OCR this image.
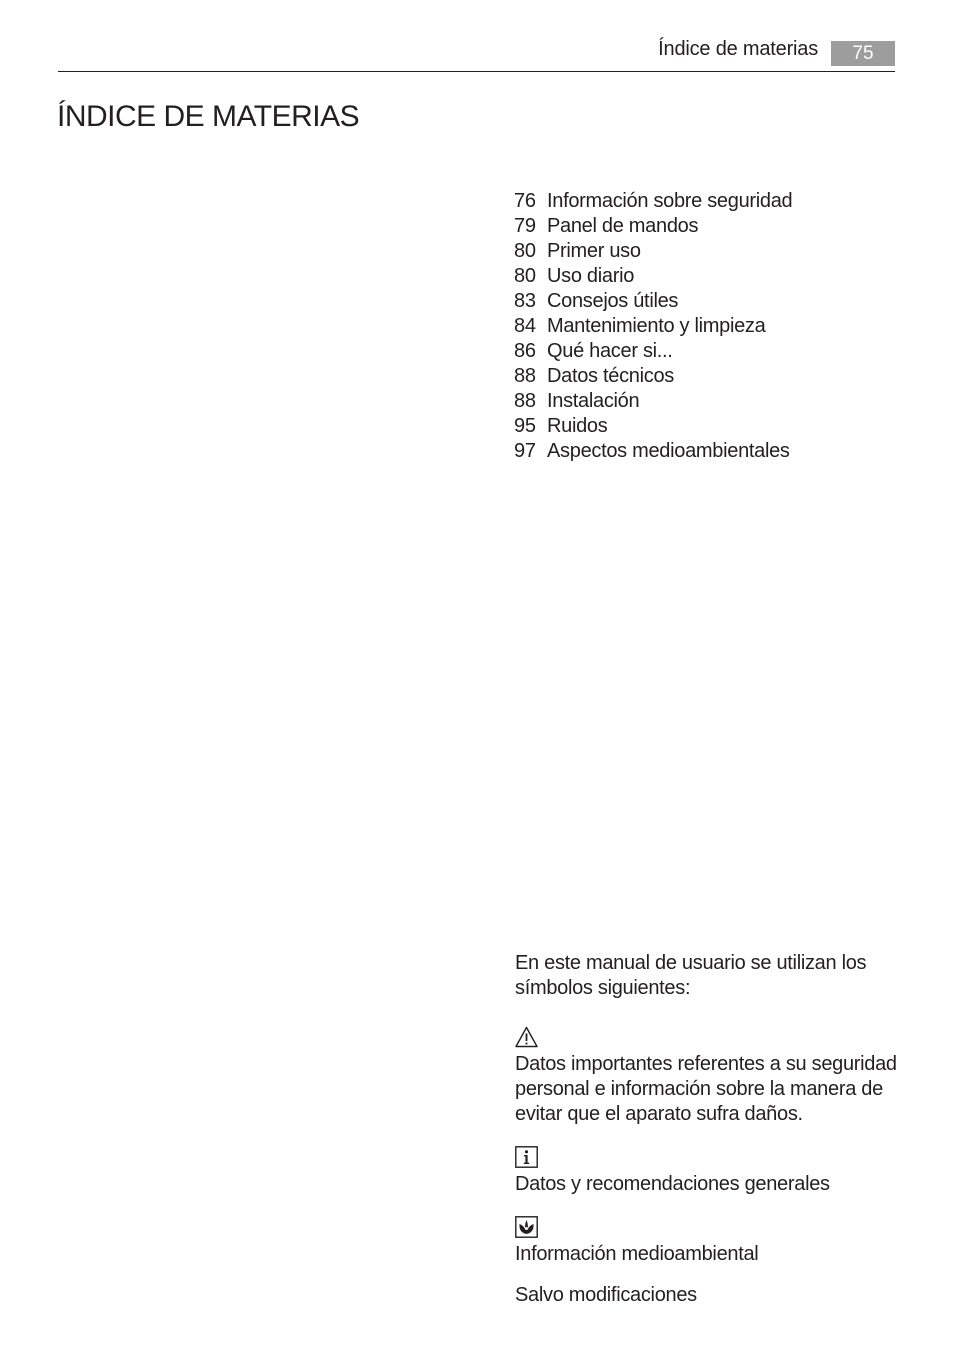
Índice de materias 75
ÍNDICE DE MATERIAS
76 Información sobre seguridad
79 Panel de mandos
80 Primer uso
80 Uso diario
83 Consejos útiles
84 Mantenimiento y limpieza
86 Qué hacer si...
88 Datos técnicos
88 Instalación
95 Ruidos
97 Aspectos medioambientales

En este manual de usuario se utilizan los símbolos siguientes:

Datos importantes referentes a su seguridad personal e información sobre la manera de evitar que el aparato sufra daños.

Datos y recomendaciones generales

Información medioambiental

Salvo modificaciones
